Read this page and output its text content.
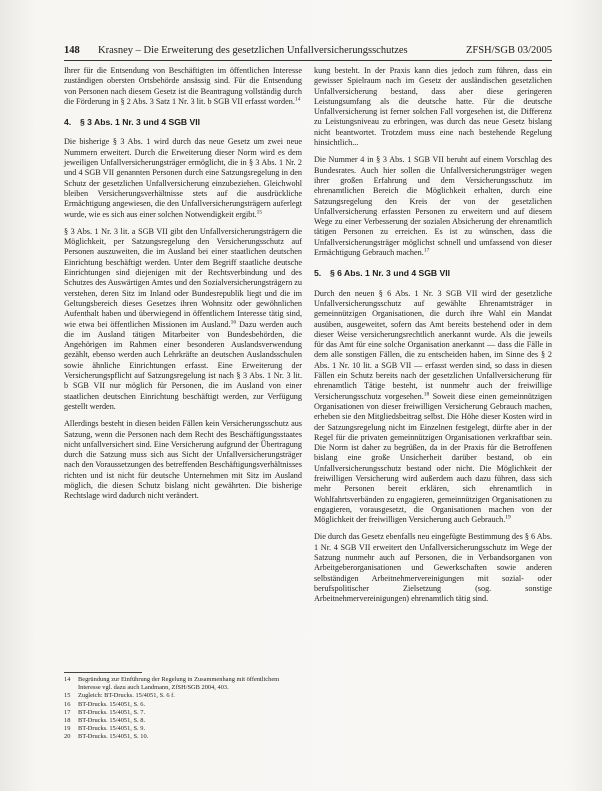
148 Krasney – Die Erweiterung des gesetzlichen Unfallversicherungsschutzes	ZFSH/SGB 03/2005

Ihrer für die Entsendung von Beschäftigten im öffentlichen Interesse zuständigen obersten Ortsbehörde ansässig sind. Für die Entsendung von Personen nach diesem Gesetz ist die Beantragung vollständig durch die Förderung in § 2 Abs. 3 Satz 1 Nr. 3 lit. b SGB VII erfasst worden.$^{14}$

4. § 3 Abs. 1 Nr. 3 und 4 SGB VII

Die bisherige § 3 Abs. 1 wird durch das neue Gesetz um zwei neue Nummern erweitert. Durch die Erweiterung dieser Norm wird es dem jeweiligen Unfallversicherungsträger ermöglicht, die in § 3 Abs. 1 Nr. 2 und 4 SGB VII genannten Personen durch eine Satzungsregelung in den Schutz der gesetzlichen Unfallversicherung einzubeziehen. Gleichwohl bleiben Versicherungsverhältnisse stets auf die ausdrückliche Ermächtigung angewiesen, die den Unfallversicherungsträgern auferlegt wurde, wie es sich aus einer solchen Notwendigkeit ergibt.$^{15}$

§ 3 Abs. 1 Nr. 3 lit. a SGB VII gibt den Unfallversicherungsträgern die Möglichkeit, per Satzungsregelung den Versicherungsschutz auf Personen auszuweiten, die im Ausland bei einer staatlichen deutschen Einrichtung beschäftigt werden. Unter dem Begriff staatliche deutsche Einrichtungen sind diejenigen mit der Rechtsverbindung und des Schutzes des Auswärtigen Amtes und den Sozialversicherungsträgern zu verstehen, deren Sitz im Inland oder Bundesrepublik liegt und die im Geltungsbereich dieses Gesetzes ihren Wohnsitz oder gewöhnlichen Aufenthalt haben und überwiegend in öffentlichem Interesse tätig sind, wie etwa bei öffentlichen Missionen im Ausland.$^{16}$ Dazu werden auch die im Ausland tätigen Mitarbeiter von Bundesbehörden, die Angehörigen im Rahmen einer besonderen Auslandsverwendung gezählt, ebenso werden auch Lehrkräfte an deutschen Auslandsschulen sowie ähnliche Einrichtungen erfasst. Eine Erweiterung der Versicherungspflicht auf Satzungsregelung ist nach § 3 Abs. 1 Nr. 3 lit. b SGB VII nur möglich für Personen, die im Ausland von einer staatlichen deutschen Einrichtung beschäftigt werden, zur Verfügung gestellt werden.

Allerdings besteht in diesen beiden Fällen kein Versicherungsschutz aus Satzung, wenn die Personen nach dem Recht des Beschäftigungsstaates nicht unfallversichert sind. Eine Versicherung aufgrund der Übertragung durch die Satzung muss sich aus Sicht der Unfallversicherungsträger nach den Voraussetzungen des betreffenden Beschäftigungsverhältnisses richten und ist nicht für deutsche Unternehmen mit Sitz im Ausland möglich, die diesen Schutz bislang nicht gewährten. Die bisherige Rechtslage wird dadurch nicht verändert.

kung besteht. In der Praxis kann dies jedoch zum führen, dass ein gewisser Spielraum nach im Gesetz der ausländischen gesetzlichen Unfallversicherung bestand, dass aber diese geringeren Leistungsumfang als die deutsche hatte. Für die deutsche Unfallversicherung ist ferner solchen Fall vorgesehen ist, die Differenz zu Leistungsniveau zu erbringen, was durch das neue Gesetz bislang nicht beantwortet. Trotzdem muss eine nach bestehende Regelung hinsichtlich...

Die Nummer 4 in § 3 Abs. 1 SGB VII beruht auf einem Vorschlag des Bundesrates. Auch hier sollen die Unfallversicherungsträger wegen ihrer großen Erfahrung und dem Versicherungsschutz im ehrenamtlichen Bereich die Möglichkeit erhalten, durch eine Satzungsregelung den Kreis der von der gesetzlichen Unfallversicherung erfassten Personen zu erweitern und auf diesem Wege zu einer Verbesserung der sozialen Absicherung der ehrenamtlich tätigen Personen zu erreichen. Es ist zu wünschen, dass die Unfallversicherungsträger möglichst schnell und umfassend von dieser Ermächtigung Gebrauch machen.$^{17}$

5. § 6 Abs. 1 Nr. 3 und 4 SGB VII

Durch den neuen § 6 Abs. 1 Nr. 3 SGB VII wird der gesetzliche Unfallversicherungsschutz auf gewählte Ehrenamtsträger in gemeinnützigen Organisationen, die durch ihre Wahl ein Mandat ausüben, ausgeweitet, sofern das Amt bereits bestehend oder in dem dieser Weise versicherungsrechtlich anerkannt wurde. Als die jeweils für das Amt für eine solche Organisation anerkannt — dass die Fälle in dem alle sonstigen Fällen, die zu entscheiden haben, im Sinne des § 2 Abs. 1 Nr. 10 lit. a SGB VII — erfasst werden sind, so dass in diesen Fällen ein Schutz bereits nach der gesetzlichen Unfallversicherung für ehrenamtlich Tätige besteht, ist nunmehr auch der freiwillige Versicherungsschutz vorgesehen.$^{18}$ Soweit diese einen gemeinnützigen Organisationen von dieser freiwilligen Versicherung Gebrauch machen, erheben sie den Mitgliedsbeitrag selbst. Die Höhe dieser Kosten wird in der Satzungsregelung nicht im Einzelnen festgelegt, dürfte aber in der Regel für die privaten gemeinnützigen Organisationen verkraftbar sein. Die Norm ist daher zu begrüßen, da in der Praxis für die Betroffenen bislang eine große Unsicherheit darüber bestand, ob ein Unfallversicherungsschutz bestand oder nicht. Die Möglichkeit der freiwilligen Versicherung wird außerdem auch dazu führen, dass sich mehr Personen bereit erklären, sich ehrenamtlich in Wohlfahrtsverbänden zu engagieren, gemeinnützigen Organisationen zu engagieren, vorausgesetzt, die Organisationen machen von der Möglichkeit der freiwilligen Versicherung auch Gebrauch.$^{19}$

Die durch das Gesetz ebenfalls neu eingefügte Bestimmung des § 6 Abs. 1 Nr. 4 SGB VII erweitert den Unfallversicherungsschutz im Wege der Satzung nunmehr auch auf Personen, die in Verbandsorganen von Arbeitgeberorganisationen und Gewerkschaften sowie anderen selbständigen Arbeitnehmervereinigungen mit sozial- oder berufspolitischer Zielsetzung (sog. sonstige Arbeitnehmervereinigungen) ehrenamtlich tätig sind.

14	Begründung zur Einführung der Regelung in Zusammenhang mit öffentlichem Interesse vgl. dazu auch Landmann, ZfSH/SGB 2004, 403.
15	Zugleich: BT-Drucks. 15/4051, S. 6 f.
16	BT-Drucks. 15/4051, S. 6.
17	BT-Drucks. 15/4051, S. 7.
18	BT-Drucks. 15/4051, S. 8.
19	BT-Drucks. 15/4051, S. 9.
20	BT-Drucks. 15/4051, S. 10.
